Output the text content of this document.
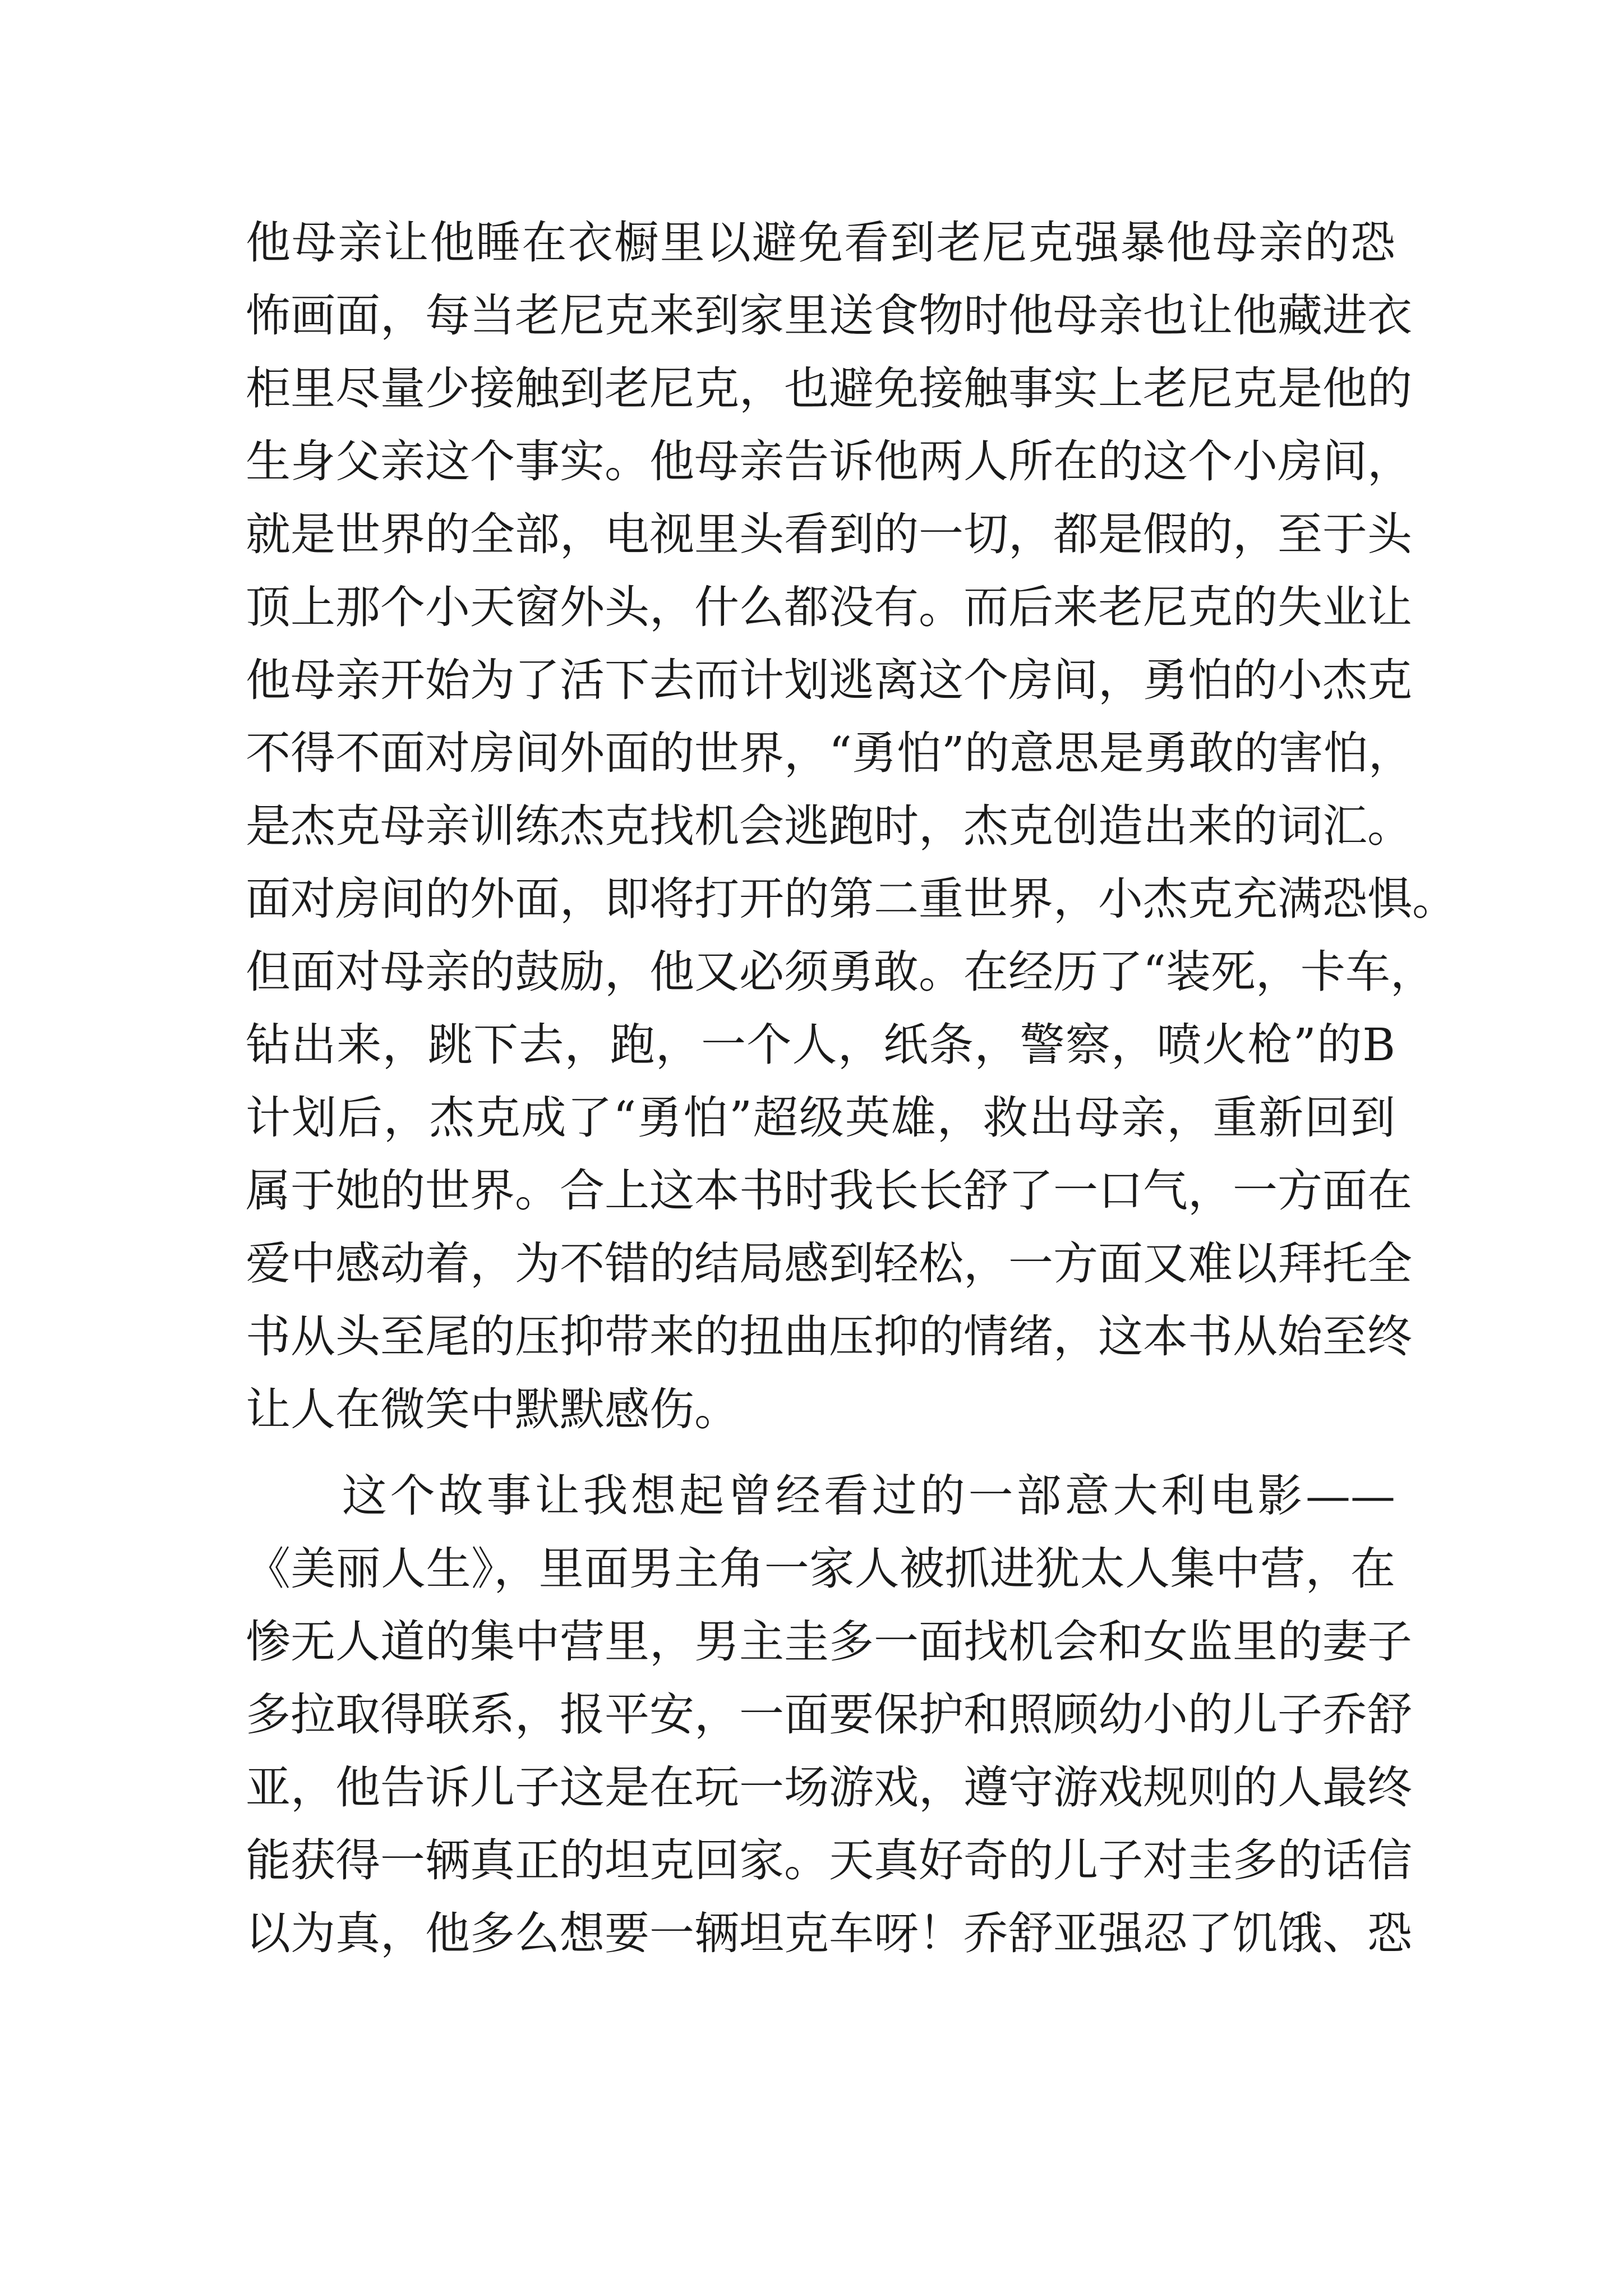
他母亲让他睡在衣橱里以避免看到老尼克强暴他母亲的恐
怖画面，每当老尼克来到家里送食物时他母亲也让他藏进衣
柜里尽量少接触到老尼克，也避免接触事实上老尼克是他的
生身父亲这个事实。他母亲告诉他两人所在的这个小房间，
就是世界的全部，电视里头看到的一切，都是假的，至于头
顶上那个小天窗外头，什么都没有。而后来老尼克的失业让
他母亲开始为了活下去而计划逃离这个房间，勇怕的小杰克
不得不面对房间外面的世界，“勇怕”的意思是勇敢的害怕，
是杰克母亲训练杰克找机会逃跑时，杰克创造出来的词汇。
面对房间的外面，即将打开的第二重世界，小杰克充满恐惧。
但面对母亲的鼓励，他又必须勇敢。在经历了“装死，卡车，
钻出来，跳下去，跑，一个人，纸条，警察，喷火枪”的B
计划后，杰克成了“勇怕”超级英雄，救出母亲，重新回到
属于她的世界。合上这本书时我长长舒了一口气，一方面在
爱中感动着，为不错的结局感到轻松，一方面又难以拜托全
书从头至尾的压抑带来的扭曲压抑的情绪，这本书从始至终
让人在微笑中默默感伤。
　　这个故事让我想起曾经看过的一部意大利电影——
《美丽人生》，里面男主角一家人被抓进犹太人集中营，在
惨无人道的集中营里，男主圭多一面找机会和女监里的妻子
多拉取得联系，报平安，一面要保护和照顾幼小的儿子乔舒
亚，他告诉儿子这是在玩一场游戏，遵守游戏规则的人最终
能获得一辆真正的坦克回家。天真好奇的儿子对圭多的话信
以为真，他多么想要一辆坦克车呀！乔舒亚强忍了饥饿、恐
